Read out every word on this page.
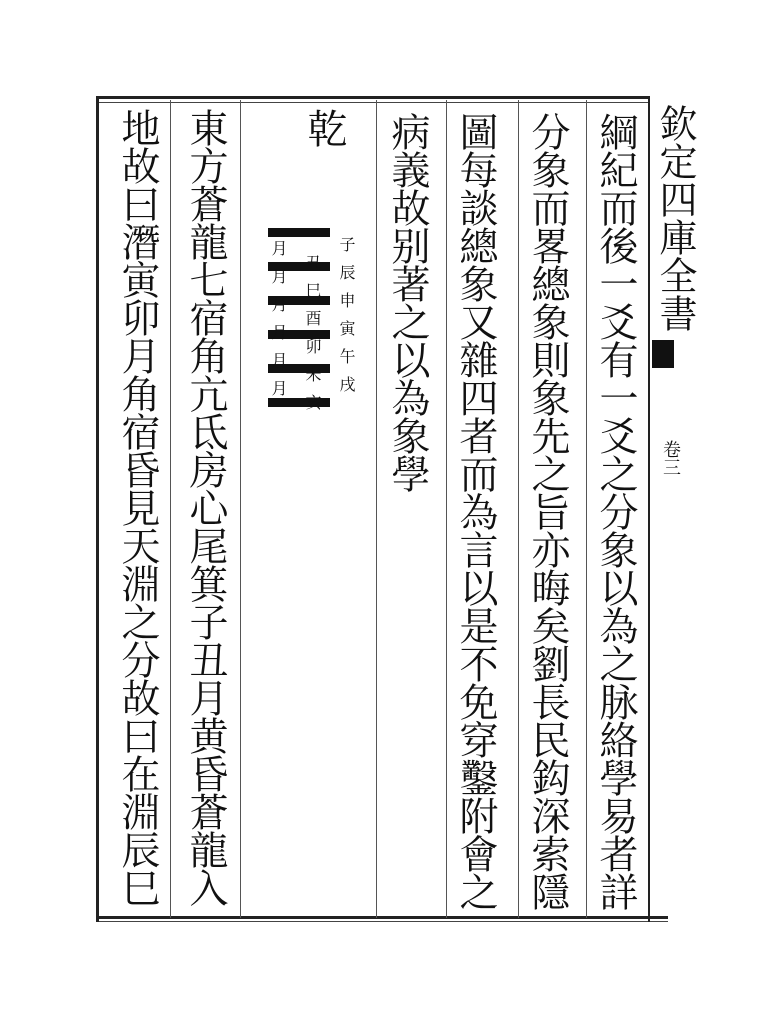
欽定四庫全書
卷三
綱紀而後一爻有一爻之分象以為之脉絡學易者詳
分象而畧總象則象先之旨亦晦矣劉長民鈎深索隱
圖每談總象又雜四者而為言以是不免穿鑿附會之
病義故别著之以為象學
乾
子辰申寅午戌
丑巳酉卯未亥
月月月月月月
東方蒼龍七宿角亢氐房心尾箕子丑月黄昏蒼龍入
地故曰潛寅卯月角宿昏見天淵之分故曰在淵辰巳
